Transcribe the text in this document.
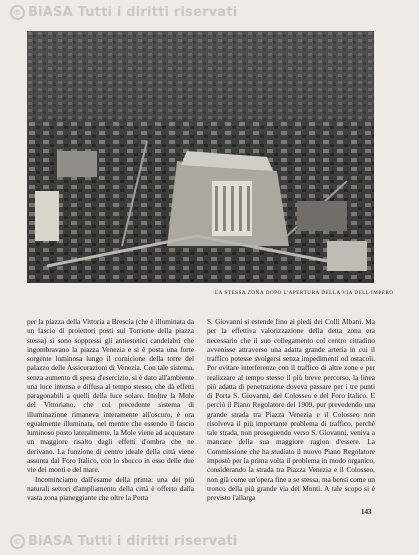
© BiASA Tutti i diritti riservati
LA STESSA ZONA DOPO L'APERTURA DELLA VIA DELL'IMPERO

per la piazza della Vittoria a Brescia (che è illuminata da un fascio di proiettori posti sul Torrione della piazza stessa) si sono soppressi gli antiestetici candelabri che ingombravano la piazza Venezia e si è posta una forte sorgente luminosa lungo il cornicione della torre del palazzo delle Assicurazioni di Venezia. Con tale sistema, senza aumento di spesa d'esercizio, si è dato all'ambiente una luce intensa e diffusa al tempo stesso, che dà effetti paragonabili a quelli della luce solare. Inoltre la Mole del Vittoriano, che col precedente sistema di illuminazione rimaneva interamente all'oscuro, è ora egualmente illuminata, nel mentre che essendo il fascio luminoso posto lateralmente, la Mole viene ad acquistare un maggiore risalto dagli effetti d'ombra che ne derivano. La funzione di centro ideale della città viene assunta dal Foro Italico, con lo sbocco in esso delle due vie dei monti e del mare.

Incominciamo dall'esame della prima: una dei più naturali settori d'ampliamento della città è offerto dalla vasta zona pianeggiante che oltre la Porta

S. Giovanni si estende fino ai piedi dei Colli Albani. Ma per la effettiva valorizzazione della detta zona era necessario che il suo collegamento col centro cittadino avvenisse attraverso una adatta grande arteria in cui il traffico potesse svolgersi senza impedimenti od ostacoli. Per evitare interferenze con il traffico di altre zone e per realizzare al tempo stesso il più breve percorso, la linea più adatta di penetrazione doveva passare per i tre punti di Porta S. Giovanni, del Colosseo e del Foro Italico. E perciò il Piano Regolatore del 1909, pur prevedendo una grande strada tra Piazza Venezia e il Colosseo non risolveva il più importante problema di traffico, perchè tale strada, non proseguendo verso S. Giovanni, veniva a mancare della sua maggiore ragion d'essere. La Commissione che ha studiato il nuovo Piano Regolatore impostò per la prima volta il problema in modo organico, considerando la strada tra Piazza Venezia e il Colosseo, non già come un'opera fine a se stessa, ma bensì come un tronco della più grande via dei Monti. A tale scopo si è previsto l'allarga

143
© BiASA Tutti i diritti riservati
